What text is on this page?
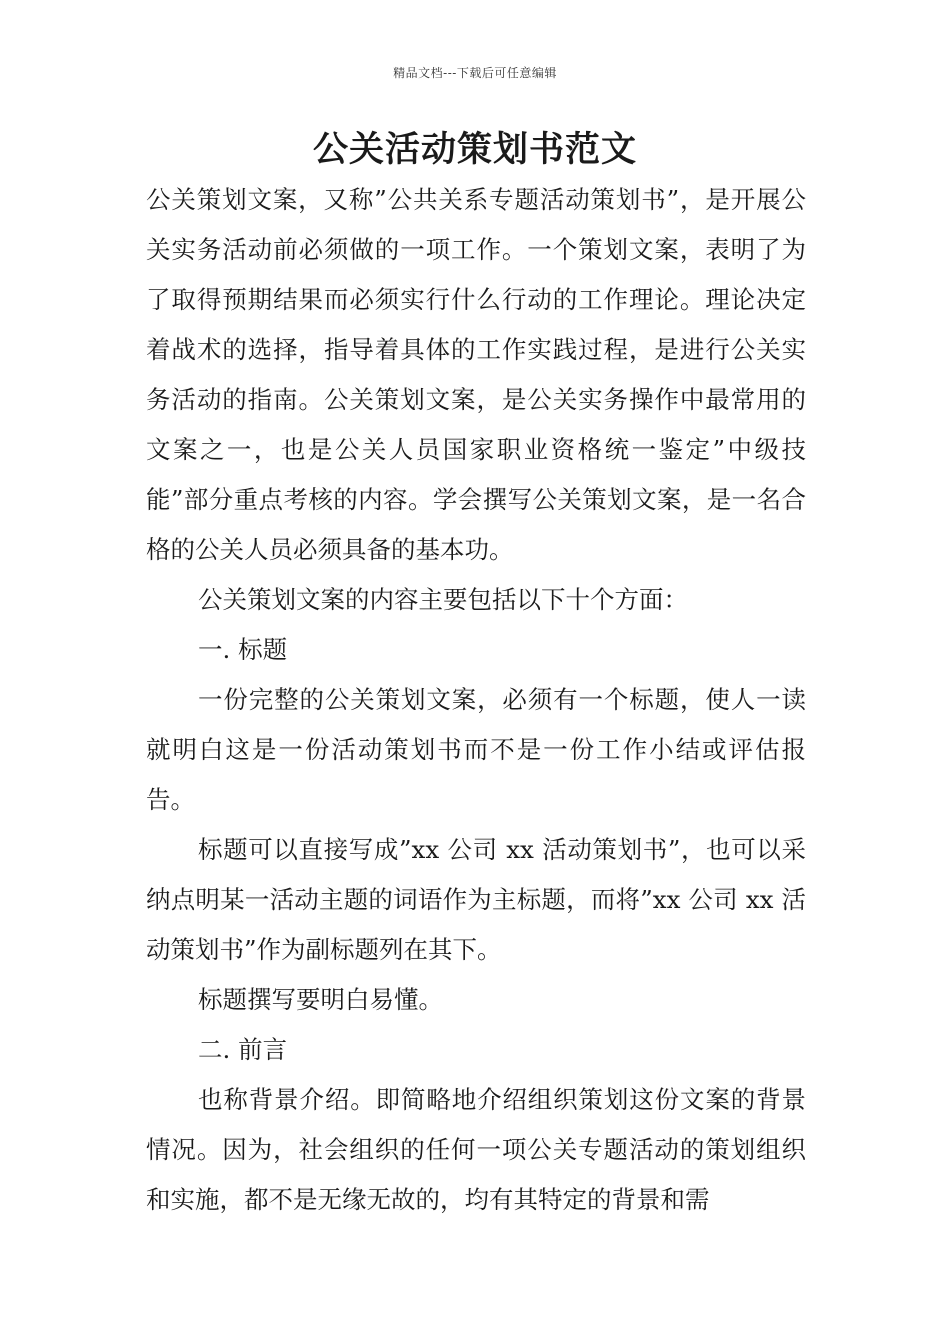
精品文档---下载后可任意编辑
公关活动策划书范文

公关策划文案，又称”公共关系专题活动策划书”，是开展公关实务活动前必须做的一项工作。一个策划文案，表明了为了取得预期结果而必须实行什么行动的工作理论。理论决定着战术的选择，指导着具体的工作实践过程，是进行公关实务活动的指南。公关策划文案，是公关实务操作中最常用的文案之一，也是公关人员国家职业资格统一鉴定”中级技能”部分重点考核的内容。学会撰写公关策划文案，是一名合格的公关人员必须具备的基本功。

公关策划文案的内容主要包括以下十个方面：

一. 标题

一份完整的公关策划文案，必须有一个标题，使人一读就明白这是一份活动策划书而不是一份工作小结或评估报告。

标题可以直接写成”xx 公司 xx 活动策划书”，也可以采纳点明某一活动主题的词语作为主标题，而将”xx 公司 xx 活动策划书”作为副标题列在其下。

标题撰写要明白易懂。

二. 前言

也称背景介绍。即简略地介绍组织策划这份文案的背景情况。因为，社会组织的任何一项公关专题活动的策划组织和实施，都不是无缘无故的，均有其特定的背景和需
